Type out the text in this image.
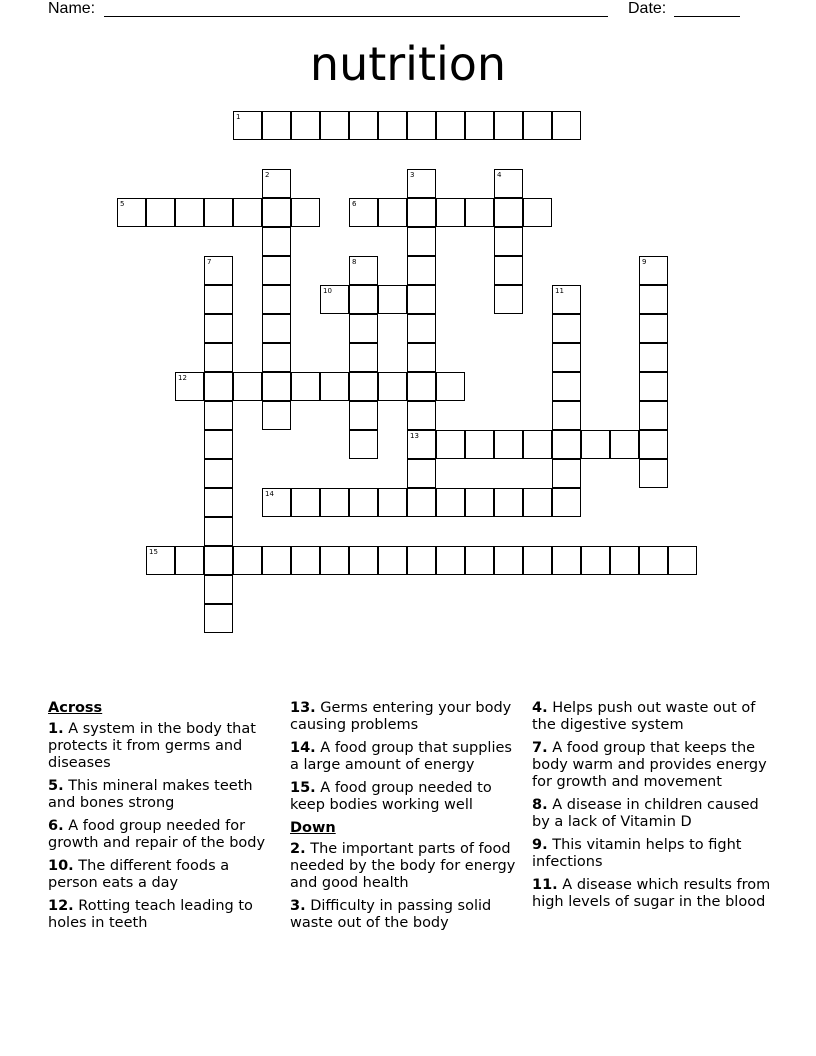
Name:	Date:
nutrition
1
2	3
13
4
5	6
7	8	9
10	11
12
14
15
Across
1. A system in the body that protects it from germs and diseases
5. This mineral makes teeth and bones strong
6. A food group needed for growth and repair of the body
10. The different foods a person eats a day
12. Rotting teach leading to holes in teeth
13. Germs entering your body causing problems
14. A food group that supplies a large amount of energy
15. A food group needed to keep bodies working well
Down
2. The important parts of food needed by the body for energy and good health
3. Difficulty in passing solid waste out of the body
4. Helps push out waste out of the digestive system
7. A food group that keeps the body warm and provides energy for growth and movement
8. A disease in children caused by a lack of Vitamin D
9. This vitamin helps to fight infections
11. A disease which results from high levels of sugar in the blood
